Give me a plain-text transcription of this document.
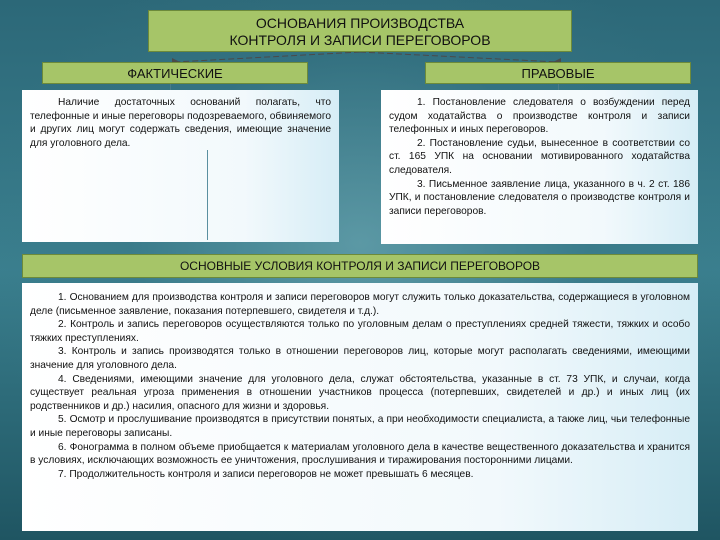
ОСНОВАНИЯ ПРОИЗВОДСТВА
КОНТРОЛЯ И ЗАПИСИ ПЕРЕГОВОРОВ
ФАКТИЧЕСКИЕ	ПРАВОВЫЕ

Наличие достаточных оснований полагать, что телефонные и иные переговоры подозреваемого, обвиняемого и других лиц могут содержать сведения, имеющие значение для уголовного дела.

1. Постановление следователя о возбуждении перед судом ходатайства о производстве контроля и записи телефонных и иных переговоров.

2. Постановление судьи, вынесенное в соответствии со ст. 165 УПК на основании мотивированного ходатайства следователя.

3. Письменное заявление лица, указанного в ч. 2 ст. 186 УПК, и постановление следователя о производстве контроля и записи переговоров.

ОСНОВНЫЕ УСЛОВИЯ КОНТРОЛЯ И ЗАПИСИ ПЕРЕГОВОРОВ

1. Основанием для производства контроля и записи переговоров могут служить только доказательства, содержащиеся в уголовном деле (письменное заявление, показания потерпевшего, свидетеля и т.д.).

2. Контроль и запись переговоров осуществляются только по уголовным делам о преступлениях средней тяжести, тяжких и особо тяжких преступлениях.

3. Контроль и запись производятся только в отношении переговоров лиц, которые могут располагать сведениями, имеющими значение для уголовного дела.

4. Сведениями, имеющими значение для уголовного дела, служат обстоятельства, указанные в ст. 73 УПК, и случаи, когда существует реальная угроза применения в отношении участников процесса (потерпевших, свидетелей и др.) и иных лиц (их родственников и др.) насилия, опасного для жизни и здоровья.

5. Осмотр и прослушивание производятся в присутствии понятых, а при необходимости специалиста, а также лиц, чьи телефонные и иные переговоры записаны.

6. Фонограмма в полном объеме приобщается к материалам уголовного дела в качестве вещественного доказательства и хранится в условиях, исключающих возможность ее уничтожения, прослушивания и тиражирования посторонними лицами.

7. Продолжительность контроля и записи переговоров не может превышать 6 месяцев.
